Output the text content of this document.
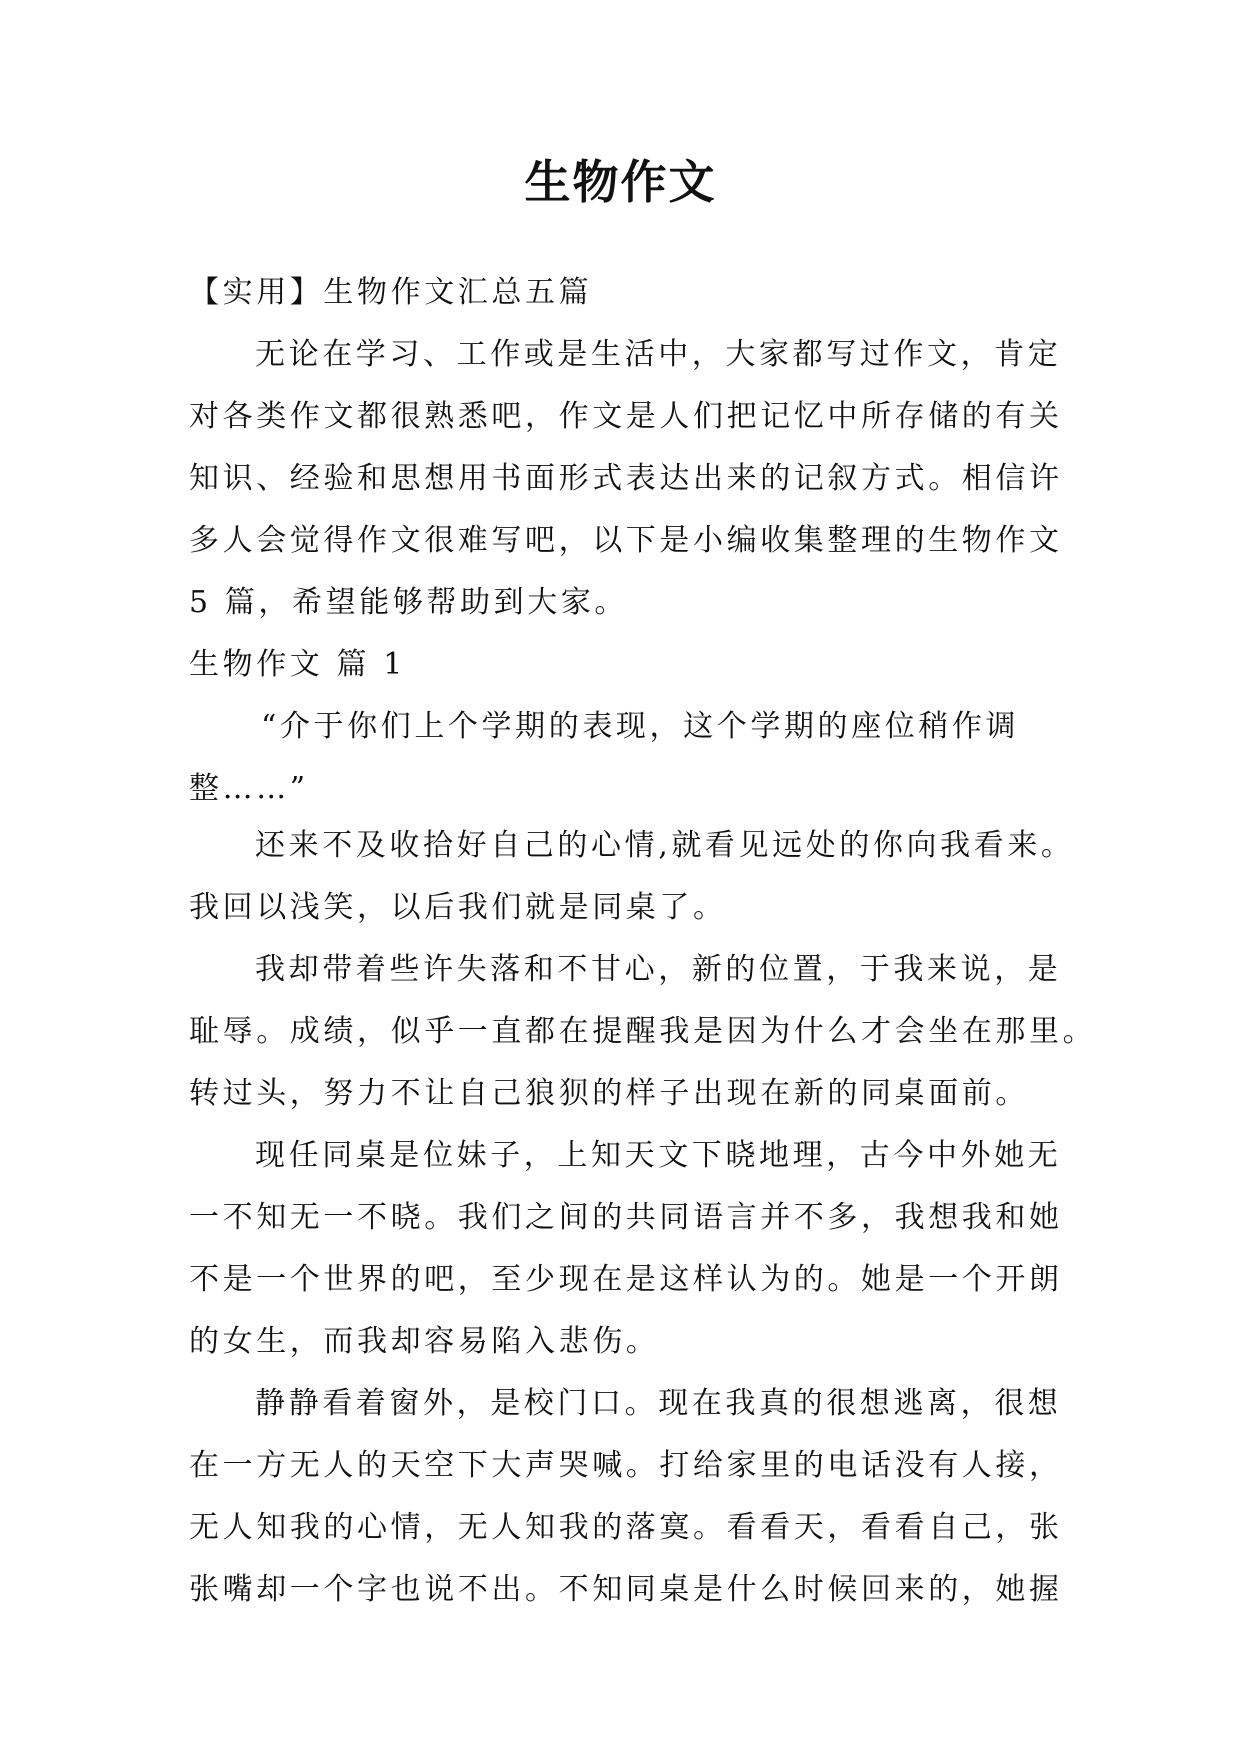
生物作文
【实用】生物作文汇总五篇
无论在学习、工作或是生活中，大家都写过作文，肯定
对各类作文都很熟悉吧，作文是人们把记忆中所存储的有关
知识、经验和思想用书面形式表达出来的记叙方式。相信许
多人会觉得作文很难写吧，以下是小编收集整理的生物作文
5 篇，希望能够帮助到大家。
生物作文 篇 1
“介于你们上个学期的表现，这个学期的座位稍作调
整……”
还来不及收拾好自己的心情,就看见远处的你向我看来。
我回以浅笑，以后我们就是同桌了。
我却带着些许失落和不甘心，新的位置，于我来说，是
耻辱。成绩，似乎一直都在提醒我是因为什么才会坐在那里。
转过头，努力不让自己狼狈的样子出现在新的同桌面前。
现任同桌是位妹子，上知天文下晓地理，古今中外她无
一不知无一不晓。我们之间的共同语言并不多，我想我和她
不是一个世界的吧，至少现在是这样认为的。她是一个开朗
的女生，而我却容易陷入悲伤。
静静看着窗外，是校门口。现在我真的很想逃离，很想
在一方无人的天空下大声哭喊。打给家里的电话没有人接，
无人知我的心情，无人知我的落寞。看看天，看看自己，张
张嘴却一个字也说不出。不知同桌是什么时候回来的，她握
